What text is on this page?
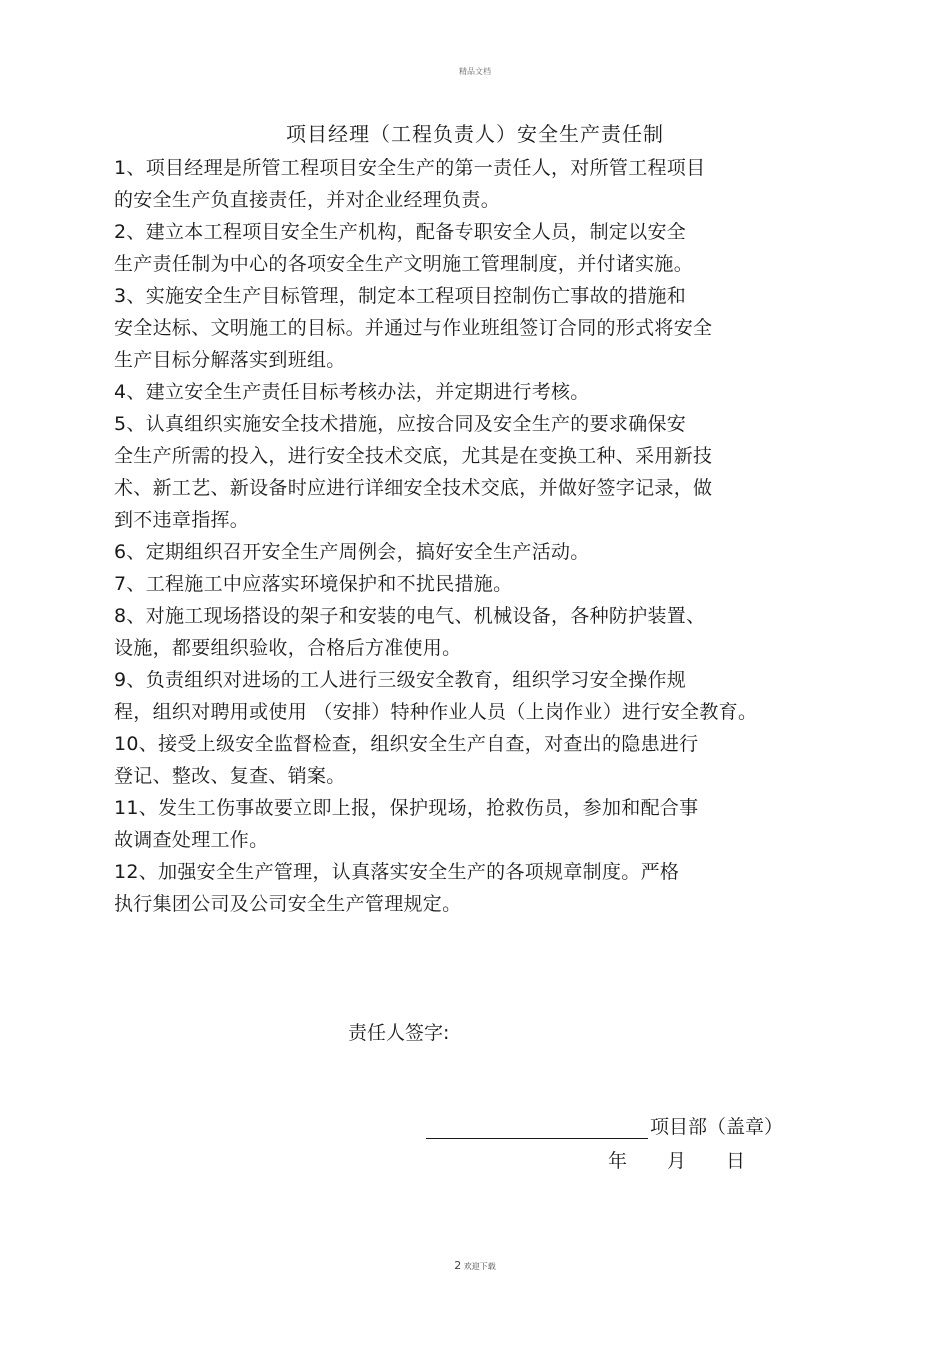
精品文档
项目经理（工程负责人）安全生产责任制
1、项目经理是所管工程项目安全生产的第一责任人，对所管工程项目
的安全生产负直接责任，并对企业经理负责。
2、建立本工程项目安全生产机构，配备专职安全人员，制定以安全
生产责任制为中心的各项安全生产文明施工管理制度，并付诸实施。
3、实施安全生产目标管理，制定本工程项目控制伤亡事故的措施和
安全达标、文明施工的目标。并通过与作业班组签订合同的形式将安全
生产目标分解落实到班组。
4、建立安全生产责任目标考核办法，并定期进行考核。
5、认真组织实施安全技术措施，应按合同及安全生产的要求确保安
全生产所需的投入，进行安全技术交底，尤其是在变换工种、采用新技
术、新工艺、新设备时应进行详细安全技术交底，并做好签字记录，做
到不违章指挥。
6、定期组织召开安全生产周例会，搞好安全生产活动。
7、工程施工中应落实环境保护和不扰民措施。
8、对施工现场搭设的架子和安装的电气、机械设备，各种防护装置、
设施，都要组织验收，合格后方准使用。
9、负责组织对进场的工人进行三级安全教育，组织学习安全操作规
程，组织对聘用或使用 （安排）特种作业人员（上岗作业）进行安全教育。
10、接受上级安全监督检查，组织安全生产自查，对查出的隐患进行
登记、整改、复查、销案。
11、发生工伤事故要立即上报，保护现场，抢救伤员，参加和配合事
故调查处理工作。
12、加强安全生产管理，认真落实安全生产的各项规章制度。严格
执行集团公司及公司安全生产管理规定。
责任人签字:
项目部（盖章）
年 月 日
2 欢迎下载
